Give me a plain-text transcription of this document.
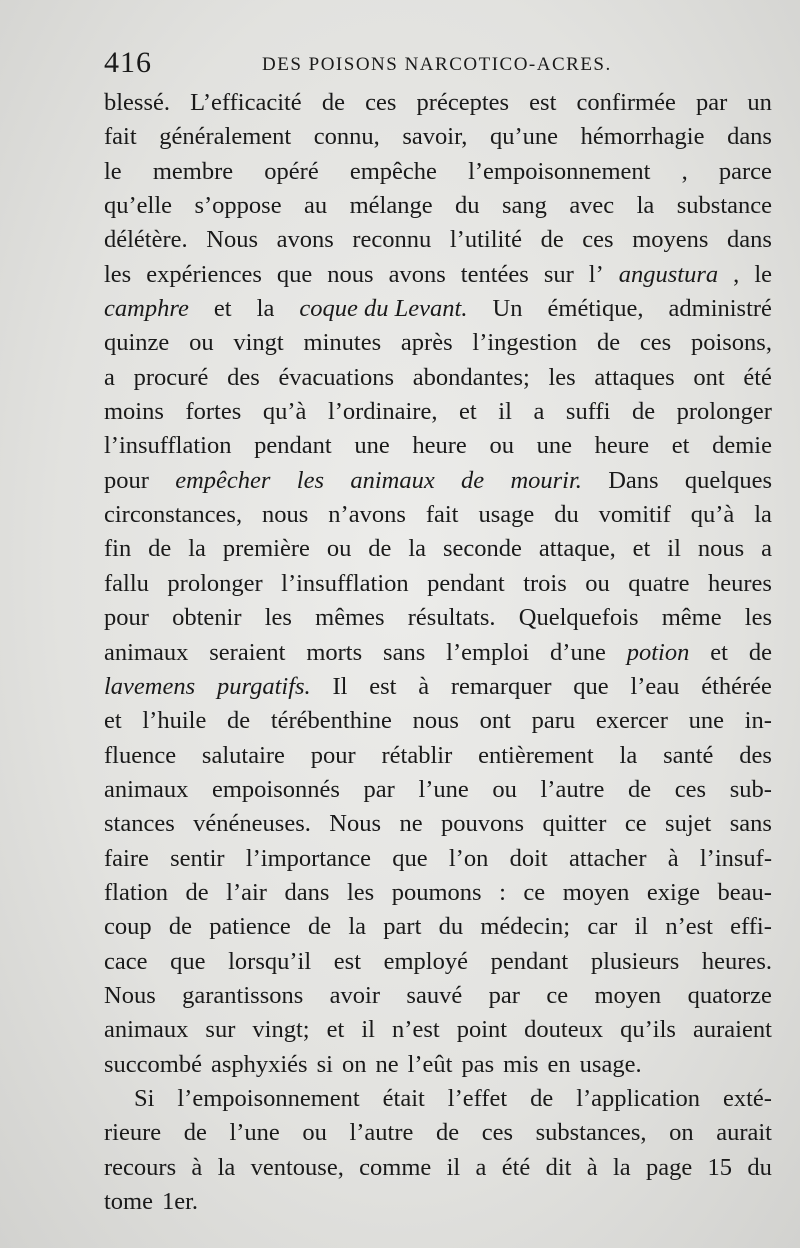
416	DES POISONS NARCOTICO-ACRES.
blessé. L’efficacité de ces préceptes est confirmée par un
fait généralement connu, savoir, qu’une hémorrhagie dans
le membre opéré empêche l’empoisonnement , parce
qu’elle s’oppose au mélange du sang avec la substance
délétère. Nous avons reconnu l’utilité de ces moyens dans
les expériences que nous avons tentées sur l’ angustura , le
camphre et la coque du Levant. Un émétique, administré
quinze ou vingt minutes après l’ingestion de ces poisons,
a procuré des évacuations abondantes; les attaques ont été
moins fortes qu’à l’ordinaire, et il a suffi de prolonger
l’insufflation pendant une heure ou une heure et demie
pour empêcher les animaux de mourir. Dans quelques
circonstances, nous n’avons fait usage du vomitif qu’à la
fin de la première ou de la seconde attaque, et il nous a
fallu prolonger l’insufflation pendant trois ou quatre heures
pour obtenir les mêmes résultats. Quelquefois même les
animaux seraient morts sans l’emploi d’une potion et de
lavemens purgatifs. Il est à remarquer que l’eau éthérée
et l’huile de térébenthine nous ont paru exercer une in-
fluence salutaire pour rétablir entièrement la santé des
animaux empoisonnés par l’une ou l’autre de ces sub-
stances vénéneuses. Nous ne pouvons quitter ce sujet sans
faire sentir l’importance que l’on doit attacher à l’insuf-
flation de l’air dans les poumons : ce moyen exige beau-
coup de patience de la part du médecin; car il n’est effi-
cace que lorsqu’il est employé pendant plusieurs heures.
Nous garantissons avoir sauvé par ce moyen quatorze
animaux sur vingt; et il n’est point douteux qu’ils auraient
succombé asphyxiés si on ne l’eût pas mis en usage.
Si l’empoisonnement était l’effet de l’application exté-
rieure de l’une ou l’autre de ces substances, on aurait
recours à la ventouse, comme il a été dit à la page 15 du
tome 1er.
